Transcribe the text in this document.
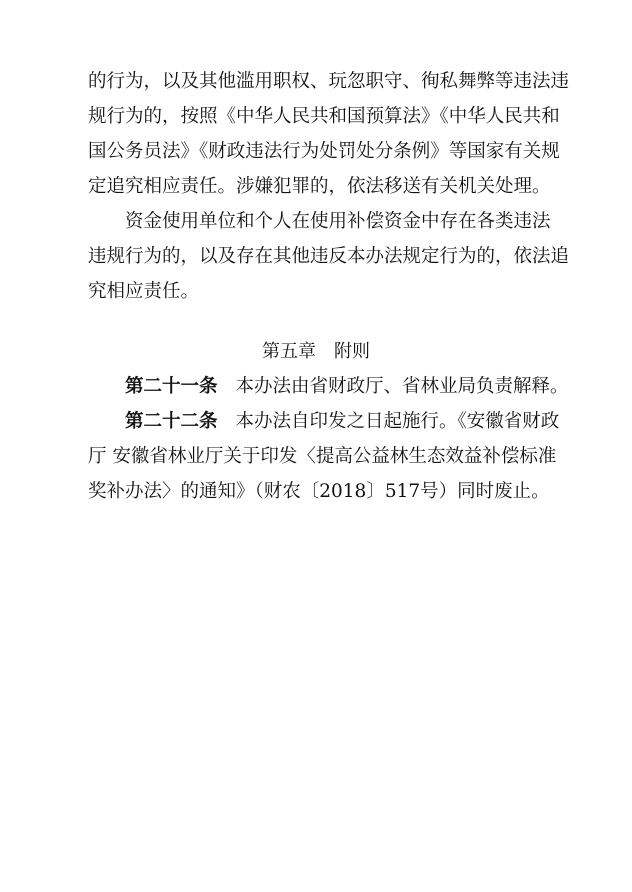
的行为，以及其他滥用职权、玩忽职守、徇私舞弊等违法违
规行为的，按照《中华人民共和国预算法》《中华人民共和
国公务员法》《财政违法行为处罚处分条例》等国家有关规
定追究相应责任。涉嫌犯罪的，依法移送有关机关处理。
资金使用单位和个人在使用补偿资金中存在各类违法
违规行为的，以及存在其他违反本办法规定行为的，依法追
究相应责任。
第五章　附则
第二十一条 本办法由省财政厅、省林业局负责解释。
第二十二条 本办法自印发之日起施行。《安徽省财政
厅 安徽省林业厅关于印发〈提高公益林生态效益补偿标准
奖补办法〉的通知》（财农〔2018〕517号）同时废止。
